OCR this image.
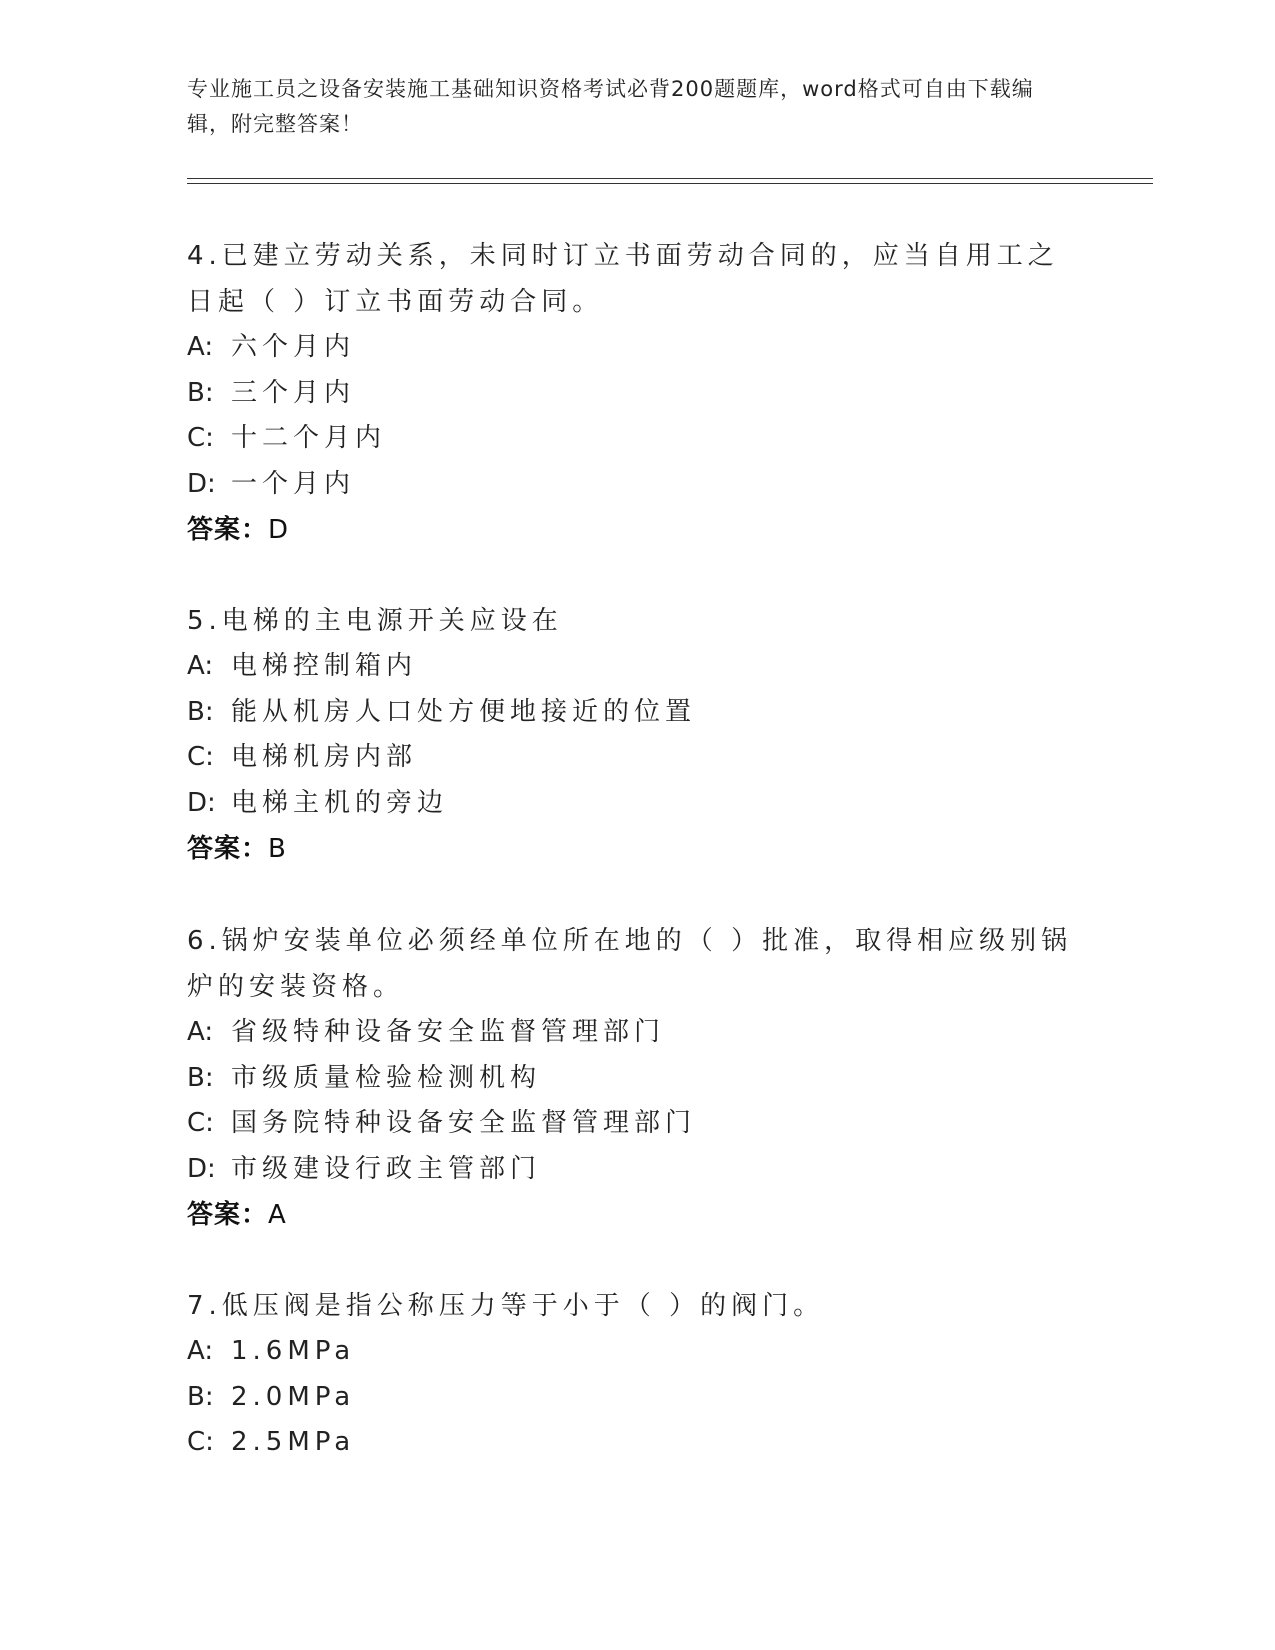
专业施工员之设备安装施工基础知识资格考试必背200题题库，word格式可自由下载编辑，附完整答案！

4.已建立劳动关系，未同时订立书面劳动合同的，应当自用工之日起（ ）订立书面劳动合同。

A: 六个月内

B: 三个月内

C: 十二个月内

D: 一个月内

答案：D

5.电梯的主电源开关应设在

A: 电梯控制箱内

B: 能从机房人口处方便地接近的位置

C: 电梯机房内部

D: 电梯主机的旁边

答案：B

6.锅炉安装单位必须经单位所在地的（ ）批准，取得相应级别锅炉的安装资格。

A: 省级特种设备安全监督管理部门

B: 市级质量检验检测机构

C: 国务院特种设备安全监督管理部门

D: 市级建设行政主管部门

答案：A

7.低压阀是指公称压力等于小于（ ）的阀门。

A: 1.6MPa

B: 2.0MPa

C: 2.5MPa
